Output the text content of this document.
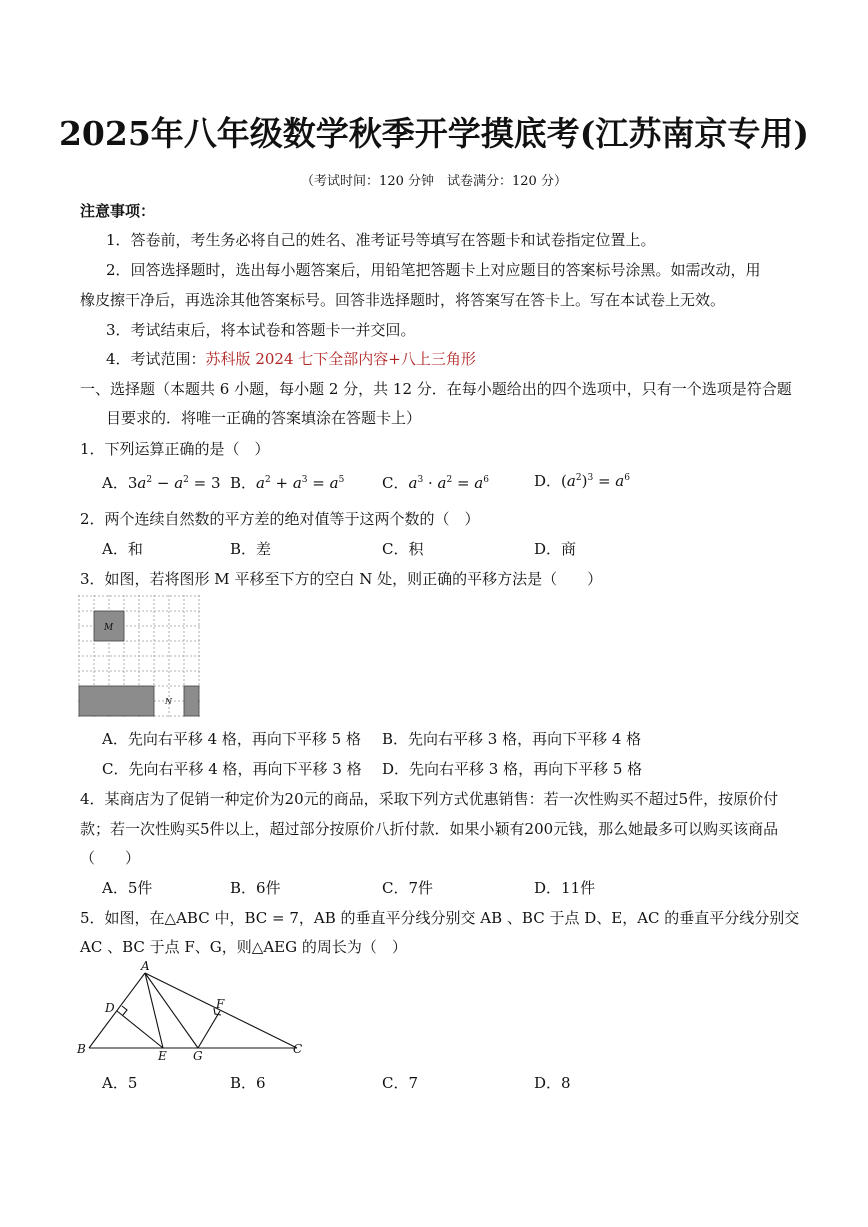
2025年八年级数学秋季开学摸底考(江苏南京专用)
（考试时间：120 分钟　试卷满分：120 分）
注意事项：
1．答卷前，考生务必将自己的姓名、准考证号等填写在答题卡和试卷指定位置上。
2．回答选择题时，选出每小题答案后，用铅笔把答题卡上对应题目的答案标号涂黑。如需改动，用
橡皮擦干净后，再选涂其他答案标号。回答非选择题时，将答案写在答卡上。写在本试卷上无效。
3．考试结束后，将本试卷和答题卡一并交回。
4．考试范围：苏科版 2024 七下全部内容+八上三角形
一、选择题（本题共 6 小题，每小题 2 分，共 12 分．在每小题给出的四个选项中，只有一个选项是符合题
目要求的．将唯一正确的答案填涂在答题卡上）
1．下列运算正确的是（　）
A．$3a^2 - a^2 = 3$ B．$a^2 + a^3 = a^5$	C．$a^3 \cdot a^2 = a^6$	D．$(a^2)^3 = a^6$
2．两个连续自然数的平方差的绝对值等于这两个数的（　）
A．和	B．差	C．积	D．商
3．如图，若将图形 M 平移至下方的空白 N 处，则正确的平移方法是（　　）
M
N
A．先向右平移 4 格，再向下平移 5 格 B．先向右平移 3 格，再向下平移 4 格
C．先向右平移 4 格，再向下平移 3 格 D．先向右平移 3 格，再向下平移 5 格
4．某商店为了促销一种定价为20元的商品，采取下列方式优惠销售：若一次性购买不超过5件，按原价付
款；若一次性购买5件以上，超过部分按原价八折付款．如果小颖有200元钱，那么她最多可以购买该商品
（　　）
A．5件	B．6件	C．7件	D．11件
5．如图，在△ABC 中，BC = 7，AB 的垂直平分线分别交 AB 、BC 于点 D、E，AC 的垂直平分线分别交
AC 、BC 于点 F、G，则△AEG 的周长为（　）
A
B	C
D
E
F
G
A．5	B．6	C．7	D．8
